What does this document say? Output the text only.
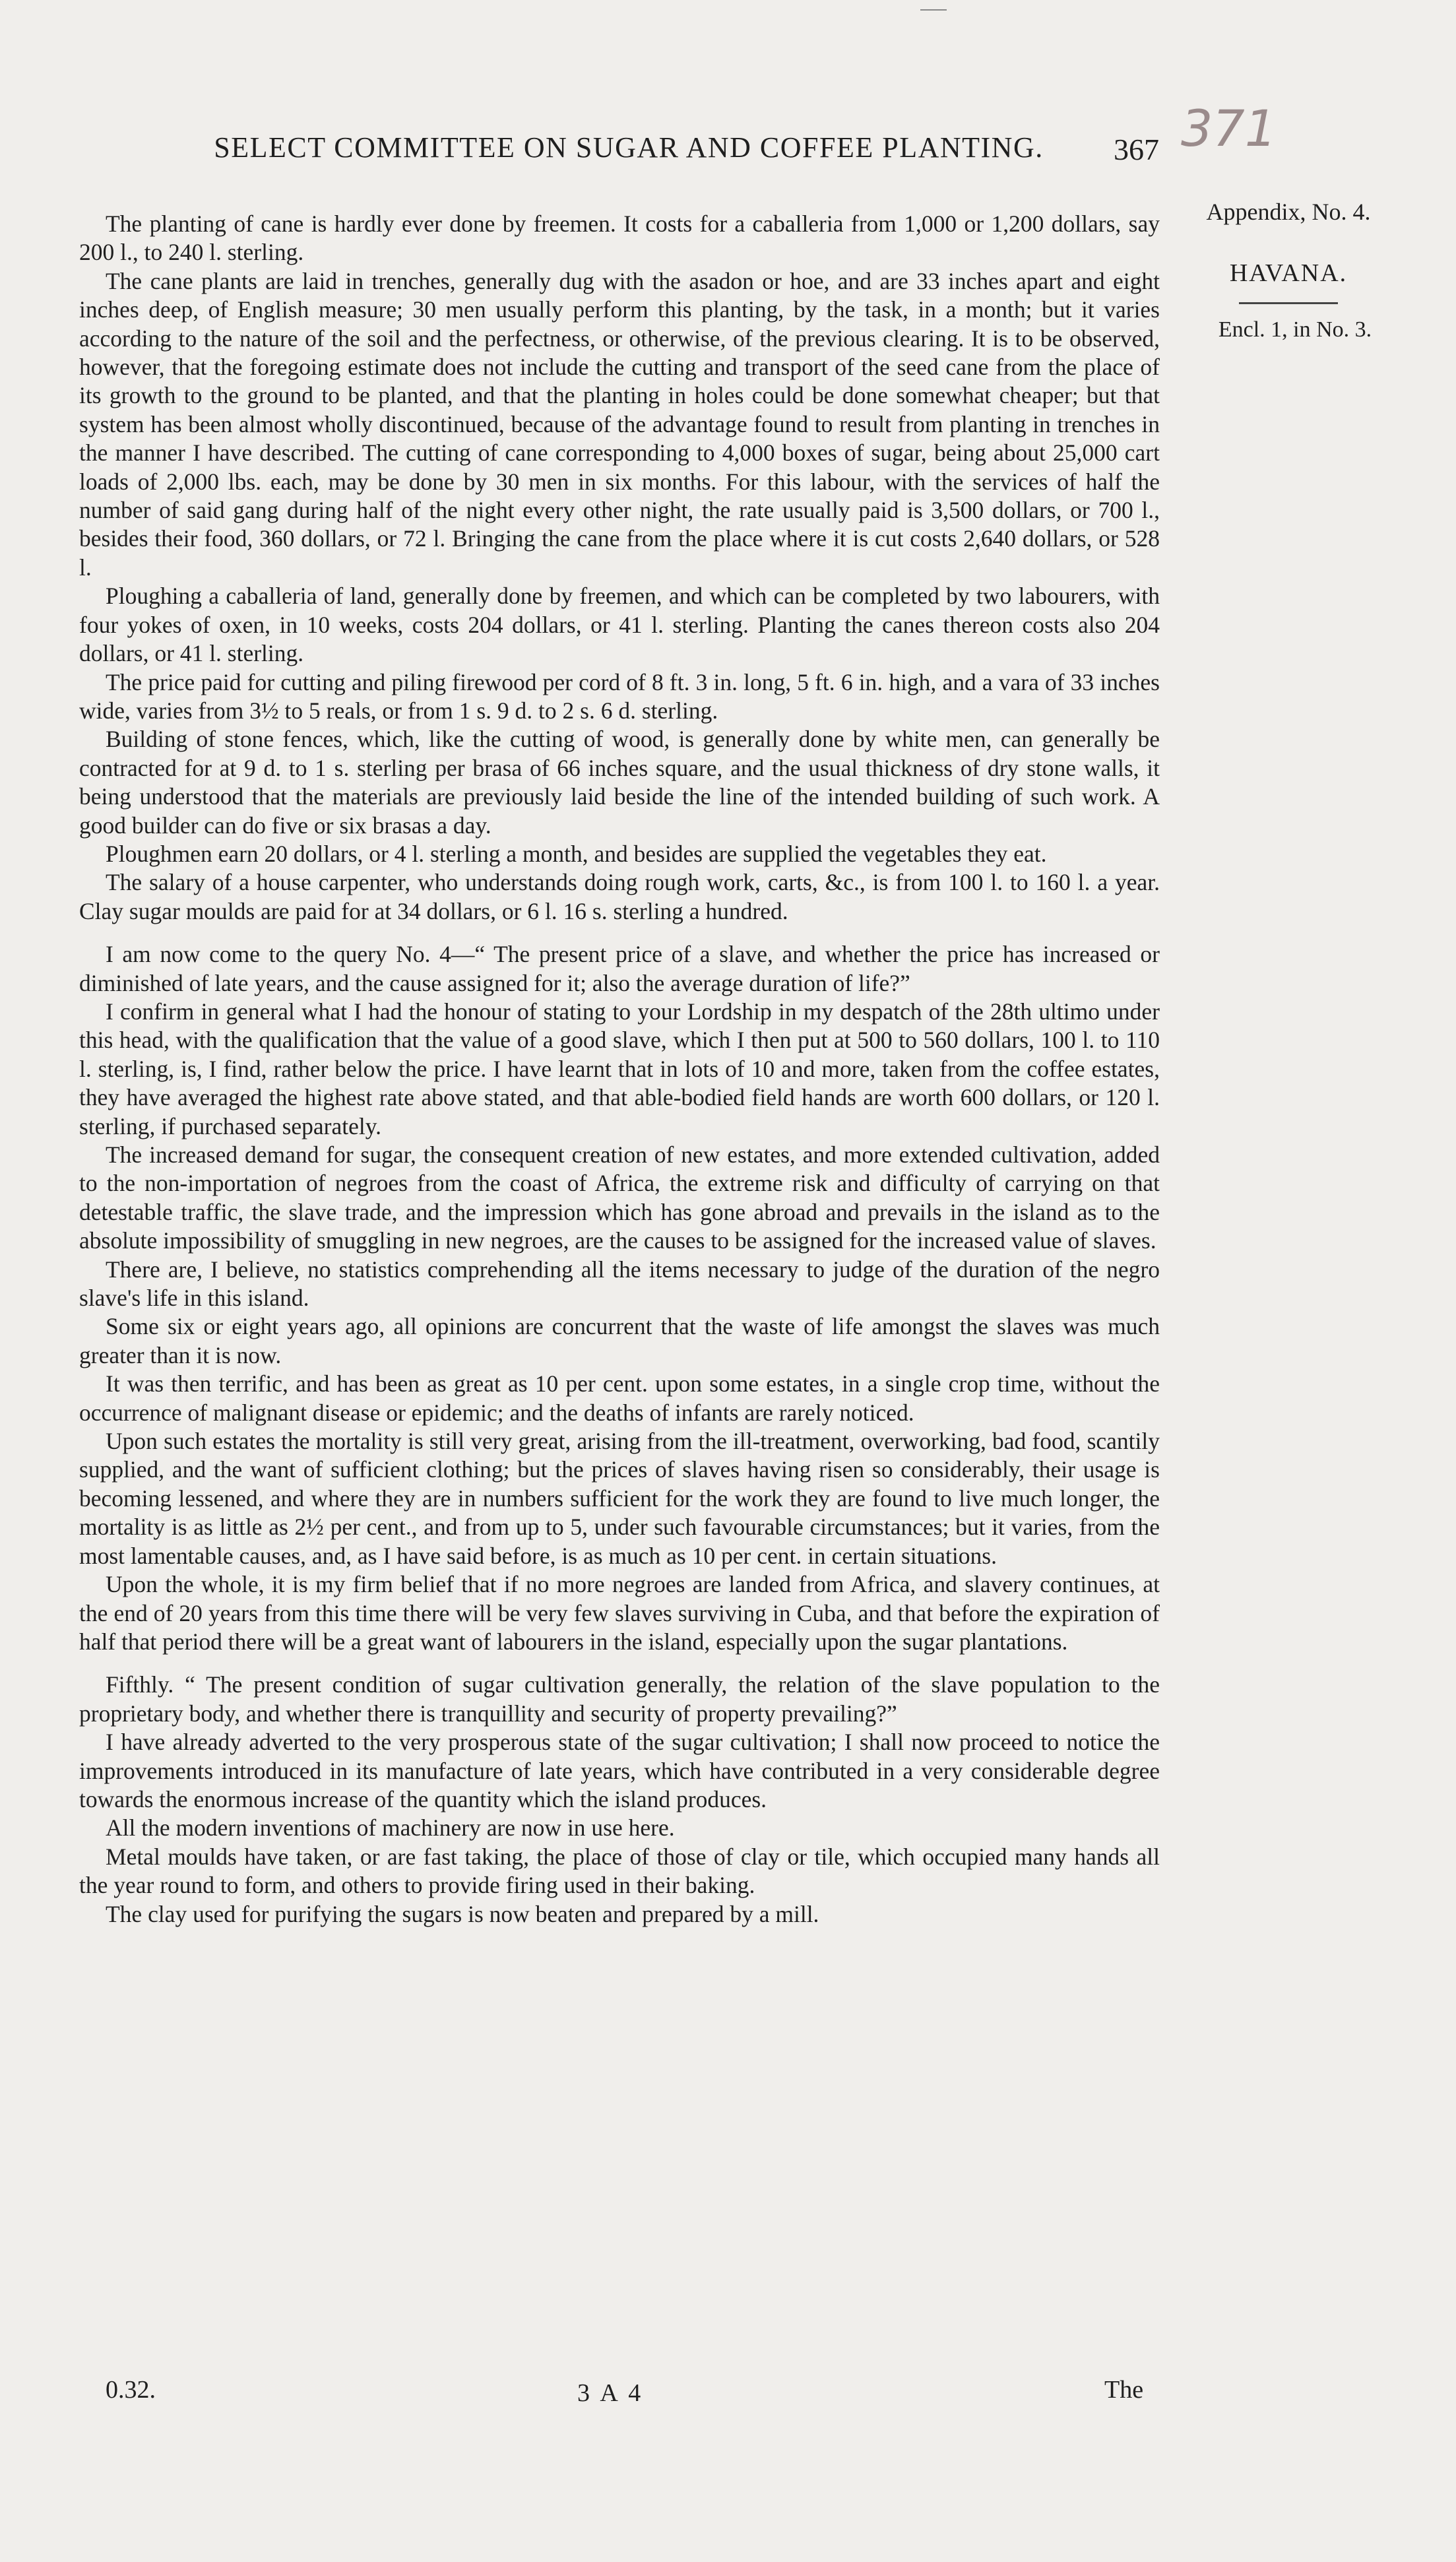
SELECT COMMITTEE ON SUGAR AND COFFEE PLANTING.	367 371
Appendix, No. 4.
HAVANA.
Encl. 1, in No. 3.

The planting of cane is hardly ever done by freemen. It costs for a caballeria from 1,000 or 1,200 dollars, say 200 l., to 240 l. sterling.

The cane plants are laid in trenches, generally dug with the asadon or hoe, and are 33 inches apart and eight inches deep, of English measure; 30 men usually perform this planting, by the task, in a month; but it varies according to the nature of the soil and the perfectness, or otherwise, of the previous clearing. It is to be observed, however, that the foregoing estimate does not include the cutting and transport of the seed cane from the place of its growth to the ground to be planted, and that the planting in holes could be done somewhat cheaper; but that system has been almost wholly discontinued, because of the advantage found to result from planting in trenches in the manner I have described. The cutting of cane corresponding to 4,000 boxes of sugar, being about 25,000 cart loads of 2,000 lbs. each, may be done by 30 men in six months. For this labour, with the services of half the number of said gang during half of the night every other night, the rate usually paid is 3,500 dollars, or 700 l., besides their food, 360 dollars, or 72 l. Bringing the cane from the place where it is cut costs 2,640 dollars, or 528 l.

Ploughing a caballeria of land, generally done by freemen, and which can be completed by two labourers, with four yokes of oxen, in 10 weeks, costs 204 dollars, or 41 l. sterling. Planting the canes thereon costs also 204 dollars, or 41 l. sterling.

The price paid for cutting and piling firewood per cord of 8 ft. 3 in. long, 5 ft. 6 in. high, and a vara of 33 inches wide, varies from 3½ to 5 reals, or from 1 s. 9 d. to 2 s. 6 d. sterling.

Building of stone fences, which, like the cutting of wood, is generally done by white men, can generally be contracted for at 9 d. to 1 s. sterling per brasa of 66 inches square, and the usual thickness of dry stone walls, it being understood that the materials are previously laid beside the line of the intended building of such work. A good builder can do five or six brasas a day.

Ploughmen earn 20 dollars, or 4 l. sterling a month, and besides are supplied the vegetables they eat.

The salary of a house carpenter, who understands doing rough work, carts, &c., is from 100 l. to 160 l. a year. Clay sugar moulds are paid for at 34 dollars, or 6 l. 16 s. sterling a hundred.

I am now come to the query No. 4—“ The present price of a slave, and whether the price has increased or diminished of late years, and the cause assigned for it; also the average duration of life?”

I confirm in general what I had the honour of stating to your Lordship in my despatch of the 28th ultimo under this head, with the qualification that the value of a good slave, which I then put at 500 to 560 dollars, 100 l. to 110 l. sterling, is, I find, rather below the price. I have learnt that in lots of 10 and more, taken from the coffee estates, they have averaged the highest rate above stated, and that able-bodied field hands are worth 600 dollars, or 120 l. sterling, if purchased separately.

The increased demand for sugar, the consequent creation of new estates, and more extended cultivation, added to the non-importation of negroes from the coast of Africa, the extreme risk and difficulty of carrying on that detestable traffic, the slave trade, and the impression which has gone abroad and prevails in the island as to the absolute impossibility of smuggling in new negroes, are the causes to be assigned for the increased value of slaves.

There are, I believe, no statistics comprehending all the items necessary to judge of the duration of the negro slave's life in this island.

Some six or eight years ago, all opinions are concurrent that the waste of life amongst the slaves was much greater than it is now.

It was then terrific, and has been as great as 10 per cent. upon some estates, in a single crop time, without the occurrence of malignant disease or epidemic; and the deaths of infants are rarely noticed.

Upon such estates the mortality is still very great, arising from the ill-treatment, overworking, bad food, scantily supplied, and the want of sufficient clothing; but the prices of slaves having risen so considerably, their usage is becoming lessened, and where they are in numbers sufficient for the work they are found to live much longer, the mortality is as little as 2½ per cent., and from up to 5, under such favourable circumstances; but it varies, from the most lamentable causes, and, as I have said before, is as much as 10 per cent. in certain situations.

Upon the whole, it is my firm belief that if no more negroes are landed from Africa, and slavery continues, at the end of 20 years from this time there will be very few slaves surviving in Cuba, and that before the expiration of half that period there will be a great want of labourers in the island, especially upon the sugar plantations.

Fifthly. “ The present condition of sugar cultivation generally, the relation of the slave population to the proprietary body, and whether there is tranquillity and security of property prevailing?”

I have already adverted to the very prosperous state of the sugar cultivation; I shall now proceed to notice the improvements introduced in its manufacture of late years, which have contributed in a very considerable degree towards the enormous increase of the quantity which the island produces.

All the modern inventions of machinery are now in use here.

Metal moulds have taken, or are fast taking, the place of those of clay or tile, which occupied many hands all the year round to form, and others to provide firing used in their baking.

The clay used for purifying the sugars is now beaten and prepared by a mill.

0.32.	3 A 4	The
